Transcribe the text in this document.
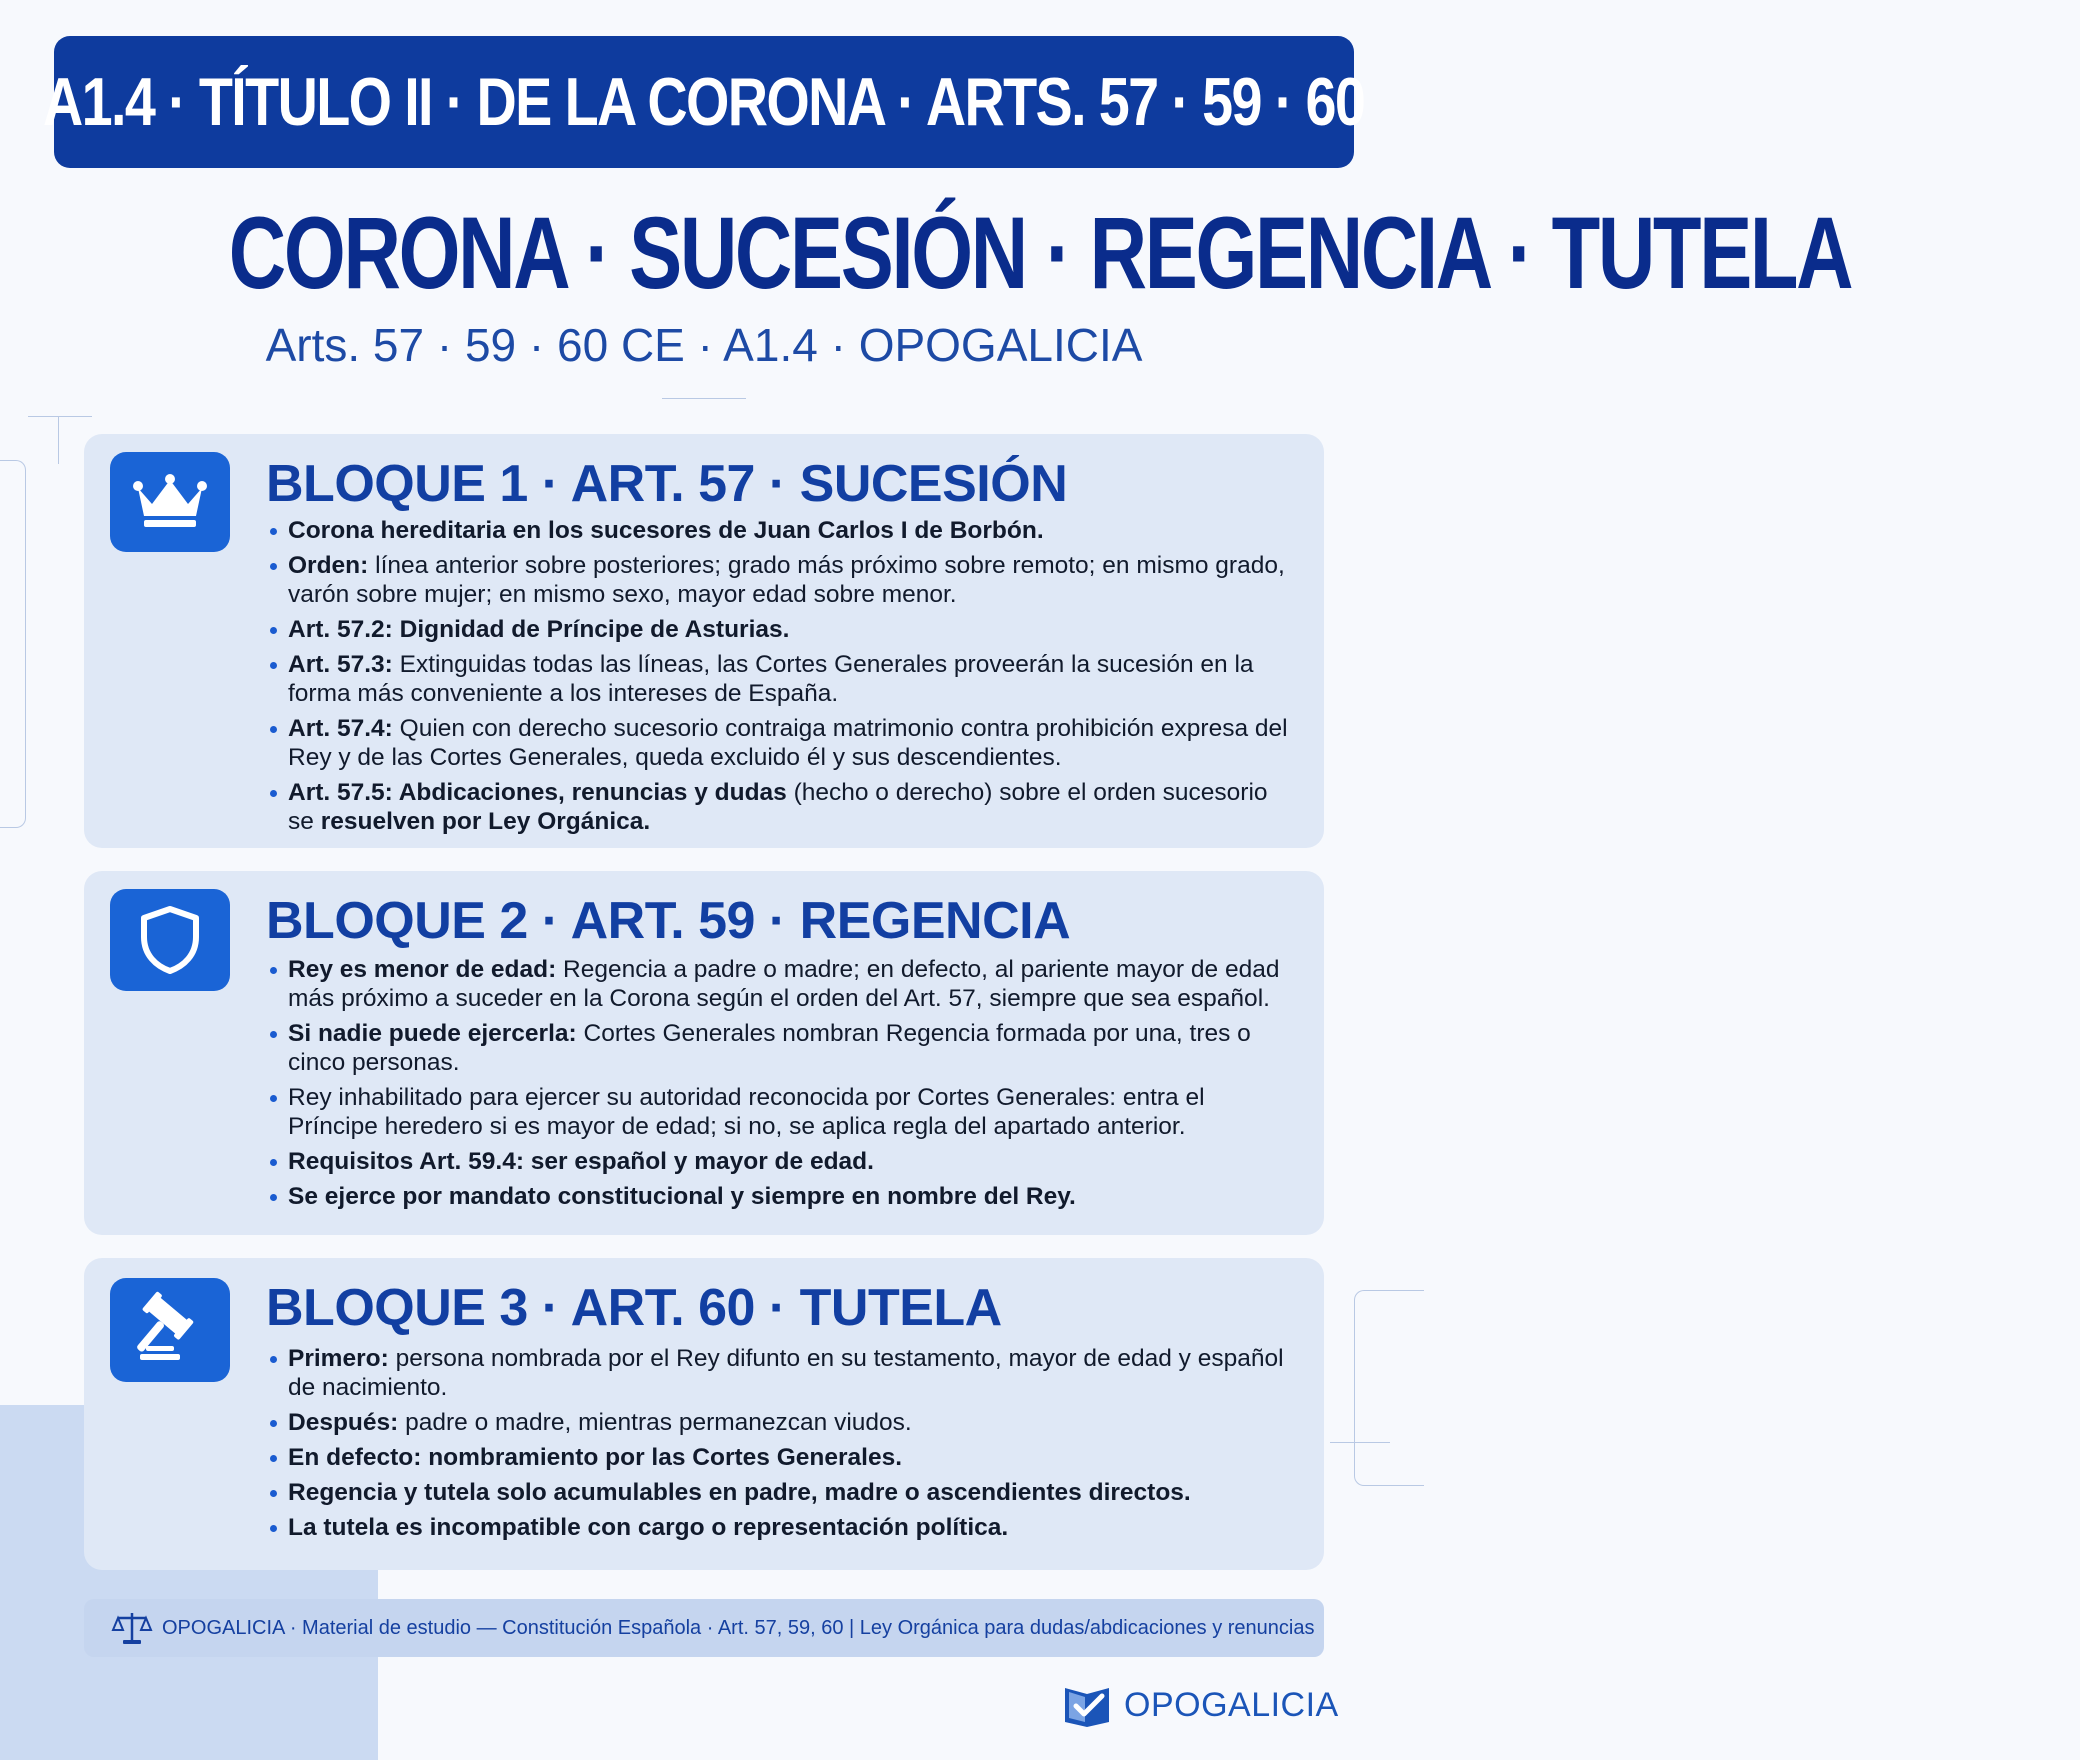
A1.4 · TÍTULO II · DE LA CORONA · ARTS. 57 · 59 · 60
CORONA · SUCESIÓN · REGENCIA · TUTELA
Arts. 57 · 59 · 60 CE · A1.4 · OPOGALICIA
BLOQUE 1 · ART. 57 · SUCESIÓN
Corona hereditaria en los sucesores de Juan Carlos I de Borbón.
Orden: línea anterior sobre posteriores; grado más próximo sobre remoto; en mismo grado, varón sobre mujer; en mismo sexo, mayor edad sobre menor.
Art. 57.2: Dignidad de Príncipe de Asturias.
Art. 57.3: Extinguidas todas las líneas, las Cortes Generales proveerán la sucesión en la forma más conveniente a los intereses de España.
Art. 57.4: Quien con derecho sucesorio contraiga matrimonio contra prohibición expresa del Rey y de las Cortes Generales, queda excluido él y sus descendientes.
Art. 57.5: Abdicaciones, renuncias y dudas (hecho o derecho) sobre el orden sucesorio se resuelven por Ley Orgánica.
BLOQUE 2 · ART. 59 · REGENCIA
Rey es menor de edad: Regencia a padre o madre; en defecto, al pariente mayor de edad más próximo a suceder en la Corona según el orden del Art. 57, siempre que sea español.
Si nadie puede ejercerla: Cortes Generales nombran Regencia formada por una, tres o cinco personas.
Rey inhabilitado para ejercer su autoridad reconocida por Cortes Generales: entra el Príncipe heredero si es mayor de edad; si no, se aplica regla del apartado anterior.
Requisitos Art. 59.4: ser español y mayor de edad.
Se ejerce por mandato constitucional y siempre en nombre del Rey.
BLOQUE 3 · ART. 60 · TUTELA
Primero: persona nombrada por el Rey difunto en su testamento, mayor de edad y español de nacimiento.
Después: padre o madre, mientras permanezcan viudos.
En defecto: nombramiento por las Cortes Generales.
Regencia y tutela solo acumulables en padre, madre o ascendientes directos.
La tutela es incompatible con cargo o representación política.
OPOGALICIA · Material de estudio — Constitución Española · Art. 57, 59, 60 | Ley Orgánica para dudas/abdicaciones y renuncias
OPOGALICIA
